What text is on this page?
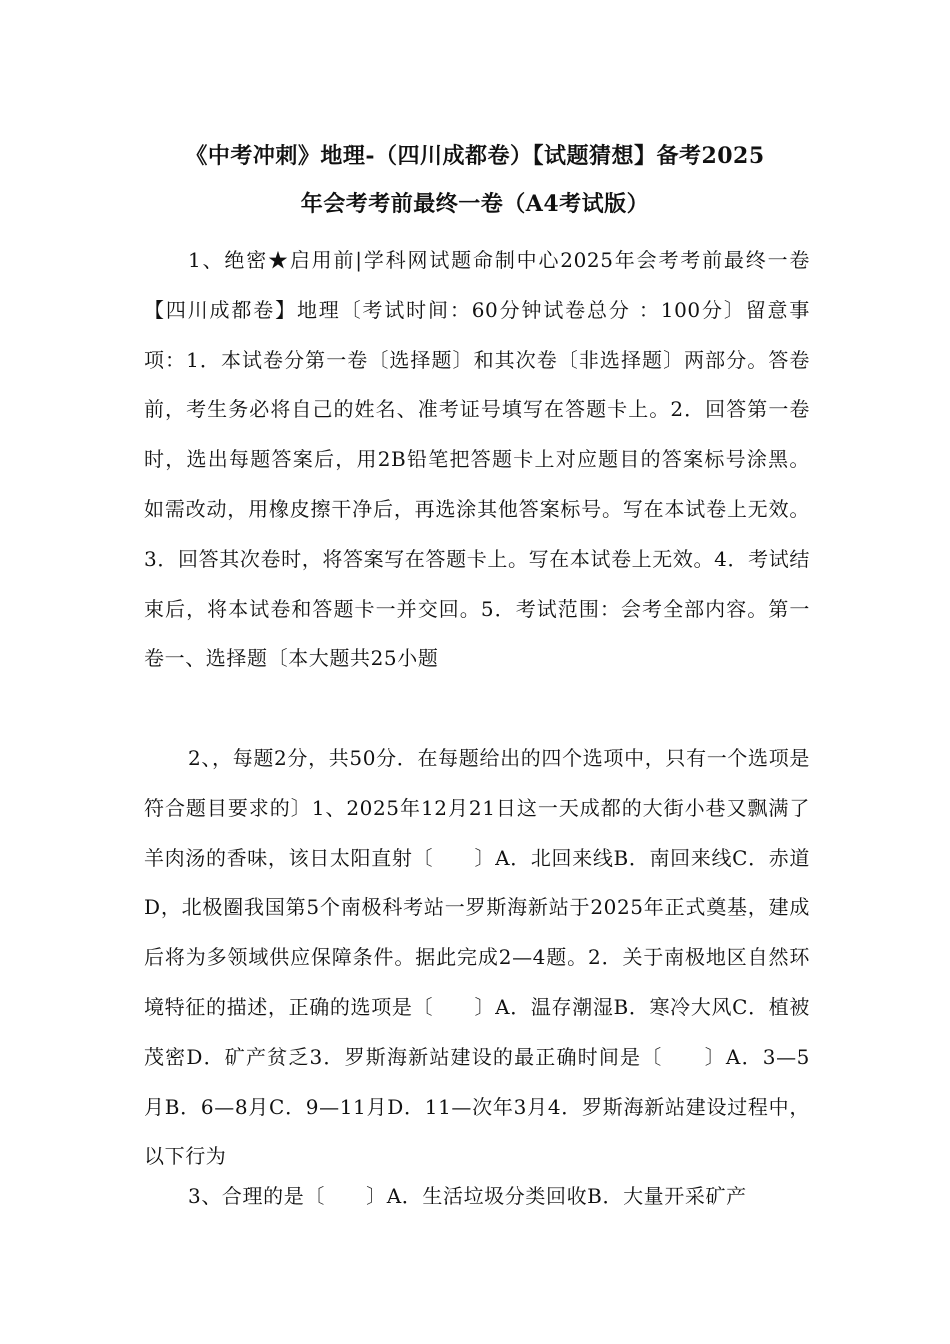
《中考冲刺》地理-（四川成都卷）【试题猜想】备考2025
年会考考前最终一卷（A4考试版）
1、绝密★启用前|学科网试题命制中心2025年会考考前最终一卷【四川成都卷】地理〔考试时间：60分钟试卷总分 ：100分〕留意事项：1．本试卷分第一卷〔选择题〕和其次卷〔非选择题〕两部分。答卷前，考生务必将自己的姓名、准考证号填写在答题卡上。2．回答第一卷时，选出每题答案后，用2B铅笔把答题卡上对应题目的答案标号涂黑。如需改动，用橡皮擦干净后，再选涂其他答案标号。写在本试卷上无效。3．回答其次卷时，将答案写在答题卡上。写在本试卷上无效。4．考试结束后，将本试卷和答题卡一并交回。5．考试范围：会考全部内容。第一卷一、选择题〔本大题共25小题
2、，每题2分，共50分．在每题给出的四个选项中，只有一个选项是符合题目要求的〕1、2025年12月21日这一天成都的大街小巷又飘满了羊肉汤的香味，该日太阳直射〔　　〕A．北回来线B．南回来线C．赤道D，北极圈我国第5个南极科考站一罗斯海新站于2025年正式奠基，建成后将为多领域供应保障条件。据此完成2—4题。2．关于南极地区自然环境特征的描述，正确的选项是〔　　〕A．温存潮湿B．寒冷大风C．植被茂密D．矿产贫乏3．罗斯海新站建设的最正确时间是〔　　〕A．3—5月B．6—8月C．9—11月D．11—次年3月4．罗斯海新站建设过程中，以下行为
3、合理的是〔　　〕A．生活垃圾分类回收B．大量开采矿产
